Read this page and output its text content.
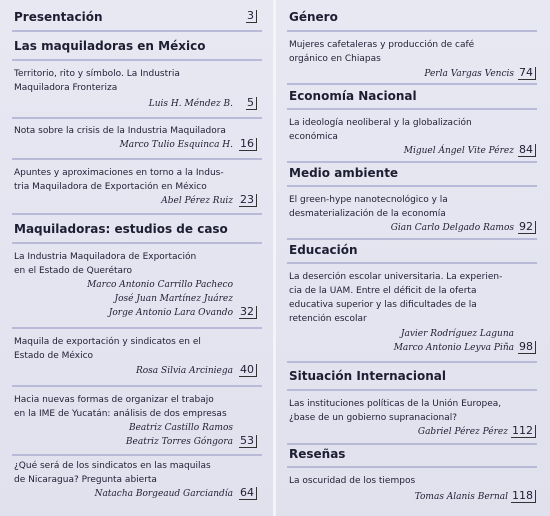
Presentación	3
Las maquiladoras en México
Territorio, rito y símbolo. La Industria
Maquiladora Fronteriza
Luis H. Méndez B. 5
Nota sobre la crisis de la Industria Maquiladora
Marco Tulio Esquinca H. 16
Apuntes y aproximaciones en torno a la Indus-
tria Maquiladora de Exportación en México
Abel Pérez Ruiz 23
Maquiladoras: estudios de caso
La Industria Maquiladora de Exportación
en el Estado de Querétaro
Marco Antonio Carrillo Pacheco
José Juan Martínez Juárez
Jorge Antonio Lara Ovando 32
Maquila de exportación y sindicatos en el
Estado de México
Rosa Silvia Arciniega 40
Hacia nuevas formas de organizar el trabajo
en la IME de Yucatán: análisis de dos empresas
Beatriz Castillo Ramos
Beatriz Torres Góngora 53
¿Qué será de los sindicatos en las maquilas
de Nicaragua? Pregunta abierta
Natacha Borgeaud Garciandía 64
Género
Mujeres cafetaleras y producción de café
orgánico en Chiapas
Perla Vargas Vencis 74
Economía Nacional
La ideología neoliberal y la globalización
económica
Miguel Ángel Vite Pérez 84
Medio ambiente
El green-hype nanotecnológico y la
desmaterialización de la economía
Gian Carlo Delgado Ramos 92
Educación
La deserción escolar universitaria. La experien-
cia de la UAM. Entre el déficit de la oferta
educativa superior y las dificultades de la
retención escolar
Javier Rodríguez Laguna
Marco Antonio Leyva Piña 98
Situación Internacional
Las instituciones políticas de la Unión Europea,
¿base de un gobierno supranacional?
Gabriel Pérez Pérez 112
Reseñas
La oscuridad de los tiempos
Tomas Alanis Bernal 118
